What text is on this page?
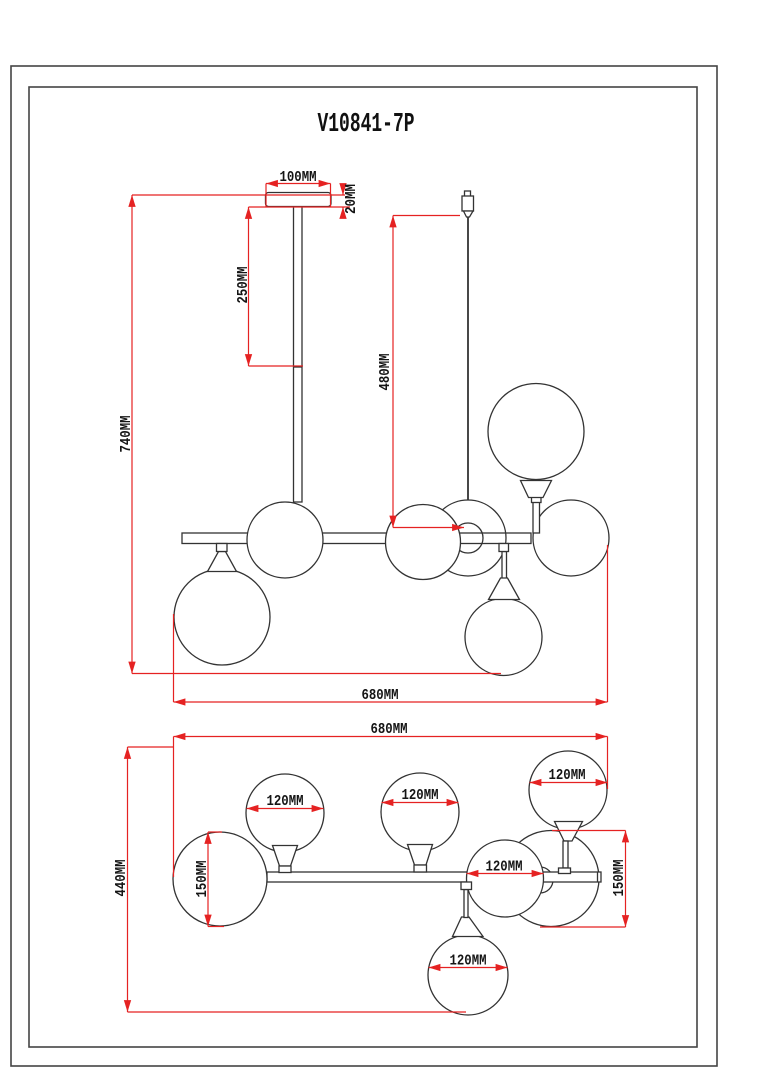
V10841-7P
100MM
20MM
250MM
740MM
480MM
680MM
680MM
440MM	150MM	150MM
120MM	120MM
120MM
120MM
120MM
